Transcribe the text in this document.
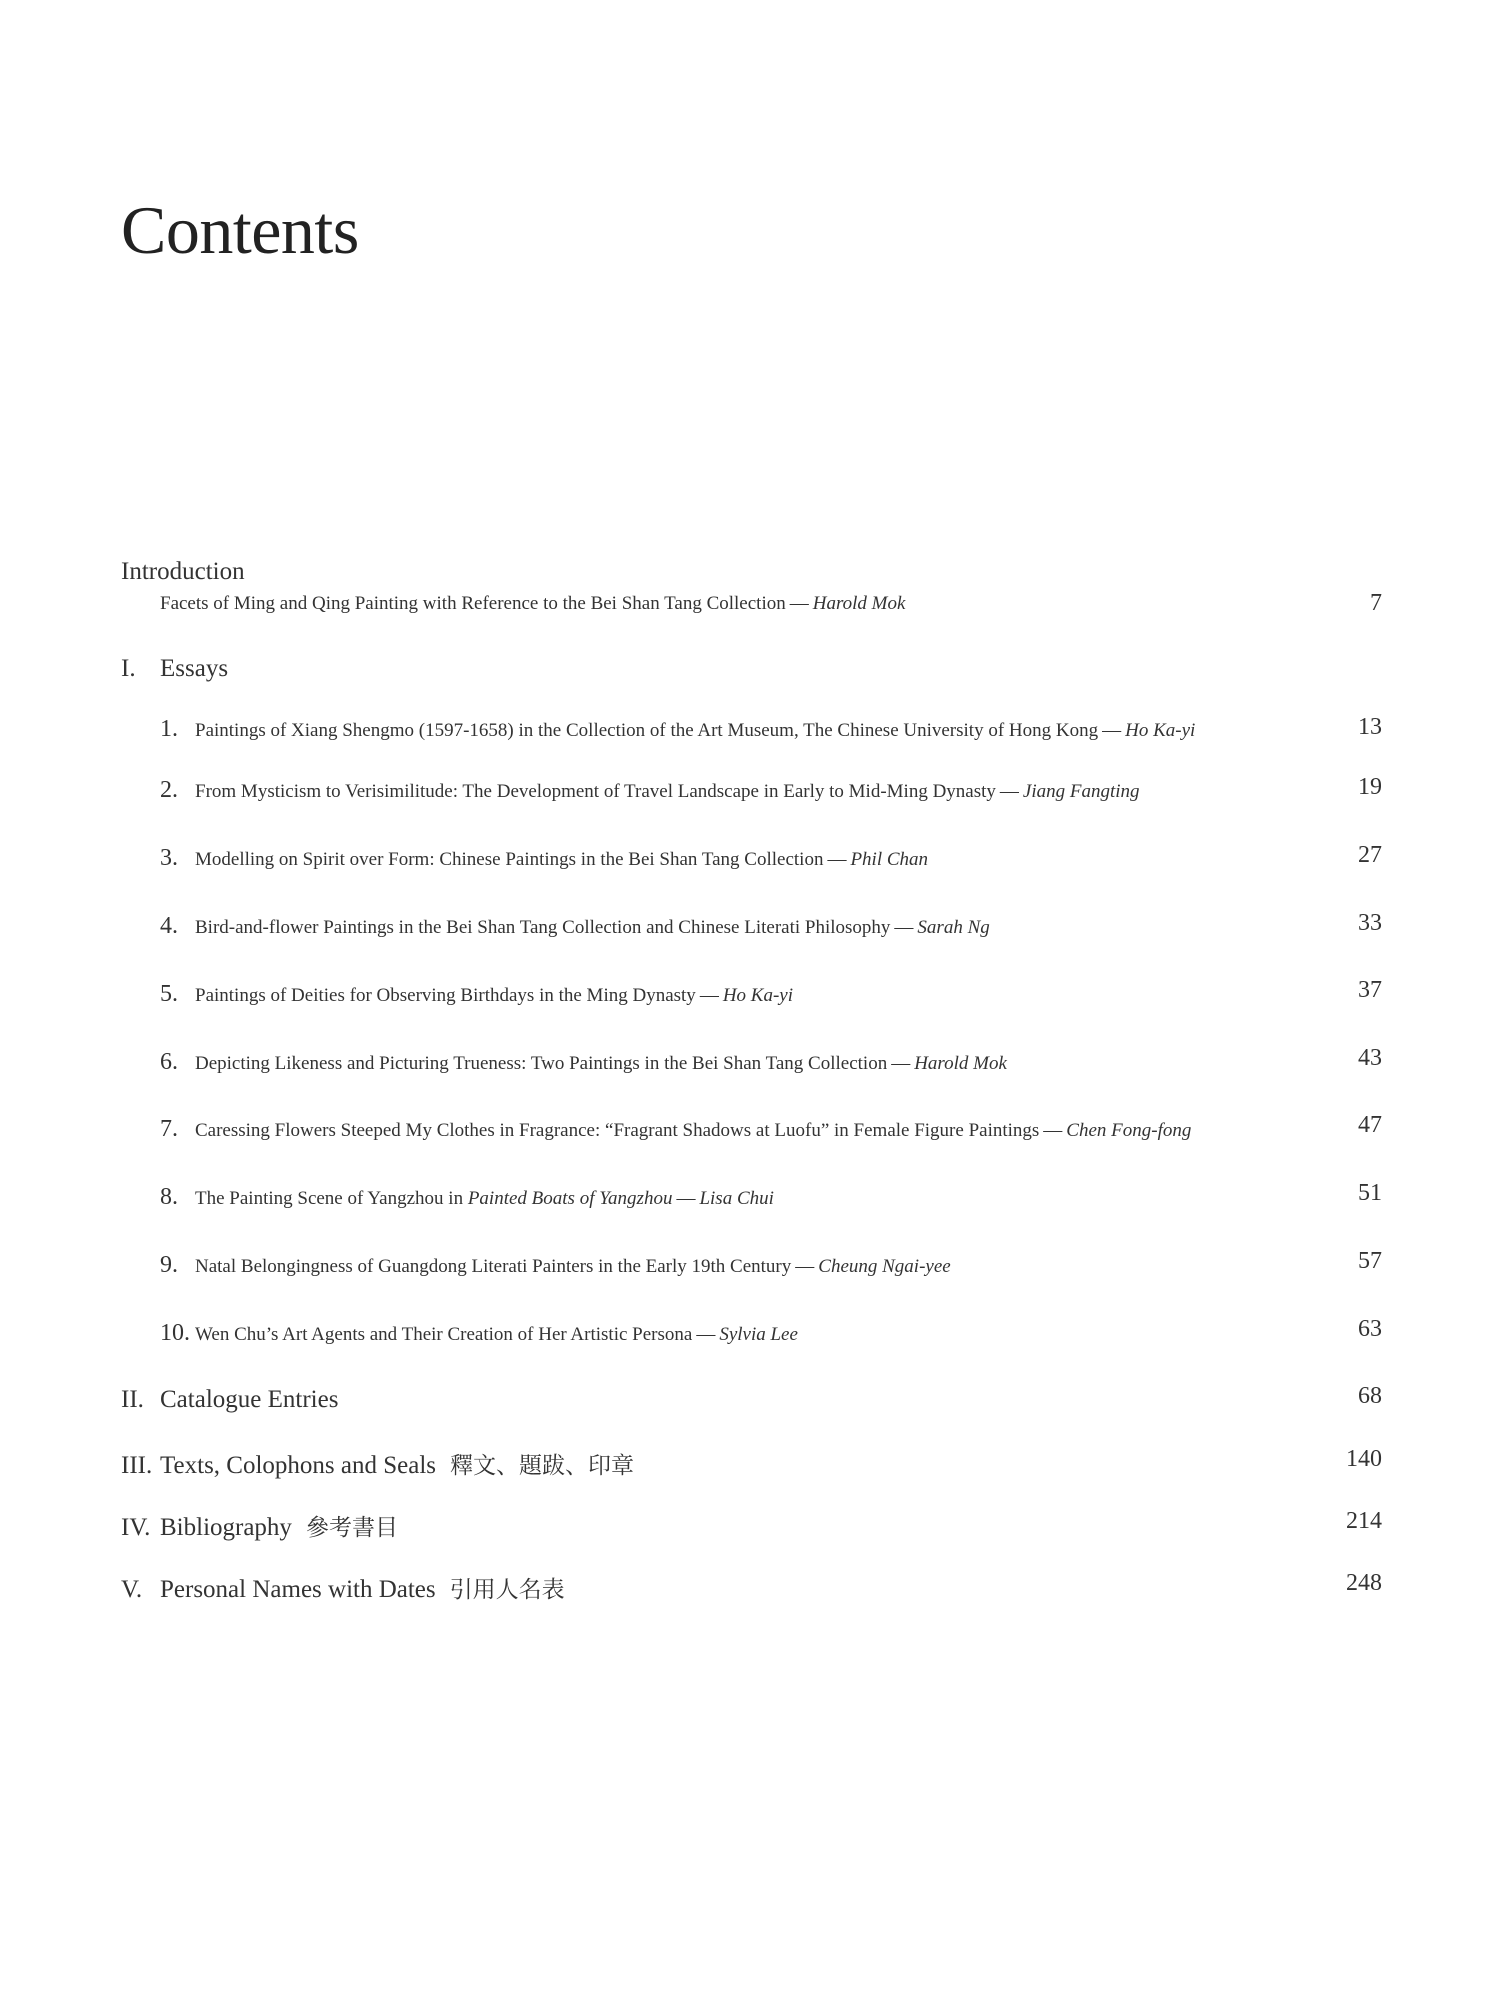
Contents
Introduction
Facets of Ming and Qing Painting with Reference to the Bei Shan Tang Collection — Harold Mok	7
I. Essays
1. Paintings of Xiang Shengmo (1597-1658) in the Collection of the Art Museum, The Chinese University of Hong Kong — Ho Ka-yi	13
2. From Mysticism to Verisimilitude: The Development of Travel Landscape in Early to Mid-Ming Dynasty — Jiang Fangting	19
3. Modelling on Spirit over Form: Chinese Paintings in the Bei Shan Tang Collection — Phil Chan	27
4. Bird-and-flower Paintings in the Bei Shan Tang Collection and Chinese Literati Philosophy — Sarah Ng	33
5. Paintings of Deities for Observing Birthdays in the Ming Dynasty — Ho Ka-yi	37
6. Depicting Likeness and Picturing Trueness: Two Paintings in the Bei Shan Tang Collection — Harold Mok	43
7. Caressing Flowers Steeped My Clothes in Fragrance: “Fragrant Shadows at Luofu” in Female Figure Paintings — Chen Fong-fong	47
8. The Painting Scene of Yangzhou in Painted Boats of Yangzhou — Lisa Chui	51
9. Natal Belongingness of Guangdong Literati Painters in the Early 19th Century — Cheung Ngai-yee	57
10. Wen Chu’s Art Agents and Their Creation of Her Artistic Persona — Sylvia Lee	63
II. Catalogue Entries	68
III. Texts, Colophons and Seals 釋文、題跋、印章	140
IV. Bibliography 參考書目	214
V. Personal Names with Dates 引用人名表	248
